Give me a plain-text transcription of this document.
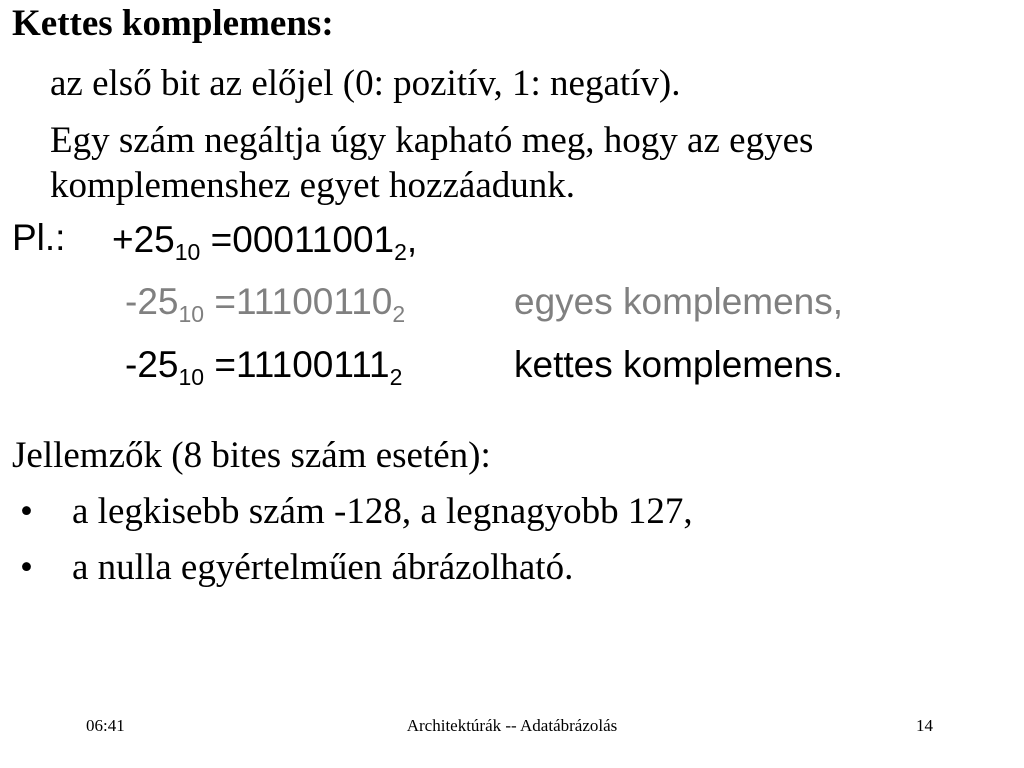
Kettes komplemens:
az első bit az előjel (0: pozitív, 1: negatív).
Egy szám negáltja úgy kapható meg, hogy az egyes komplemenshez egyet hozzáadunk.
Pl.: $+25_{10} =00011001_2$,
$-25_{10} =11100110_2$	egyes komplemens,
$-25_{10} =11100111_2$	kettes komplemens.
Jellemzők (8 bites szám esetén):
• a legkisebb szám -128, a legnagyobb 127,
• a nulla egyértelműen ábrázolható.
06:41	Architektúrák -- Adatábrázolás	14
